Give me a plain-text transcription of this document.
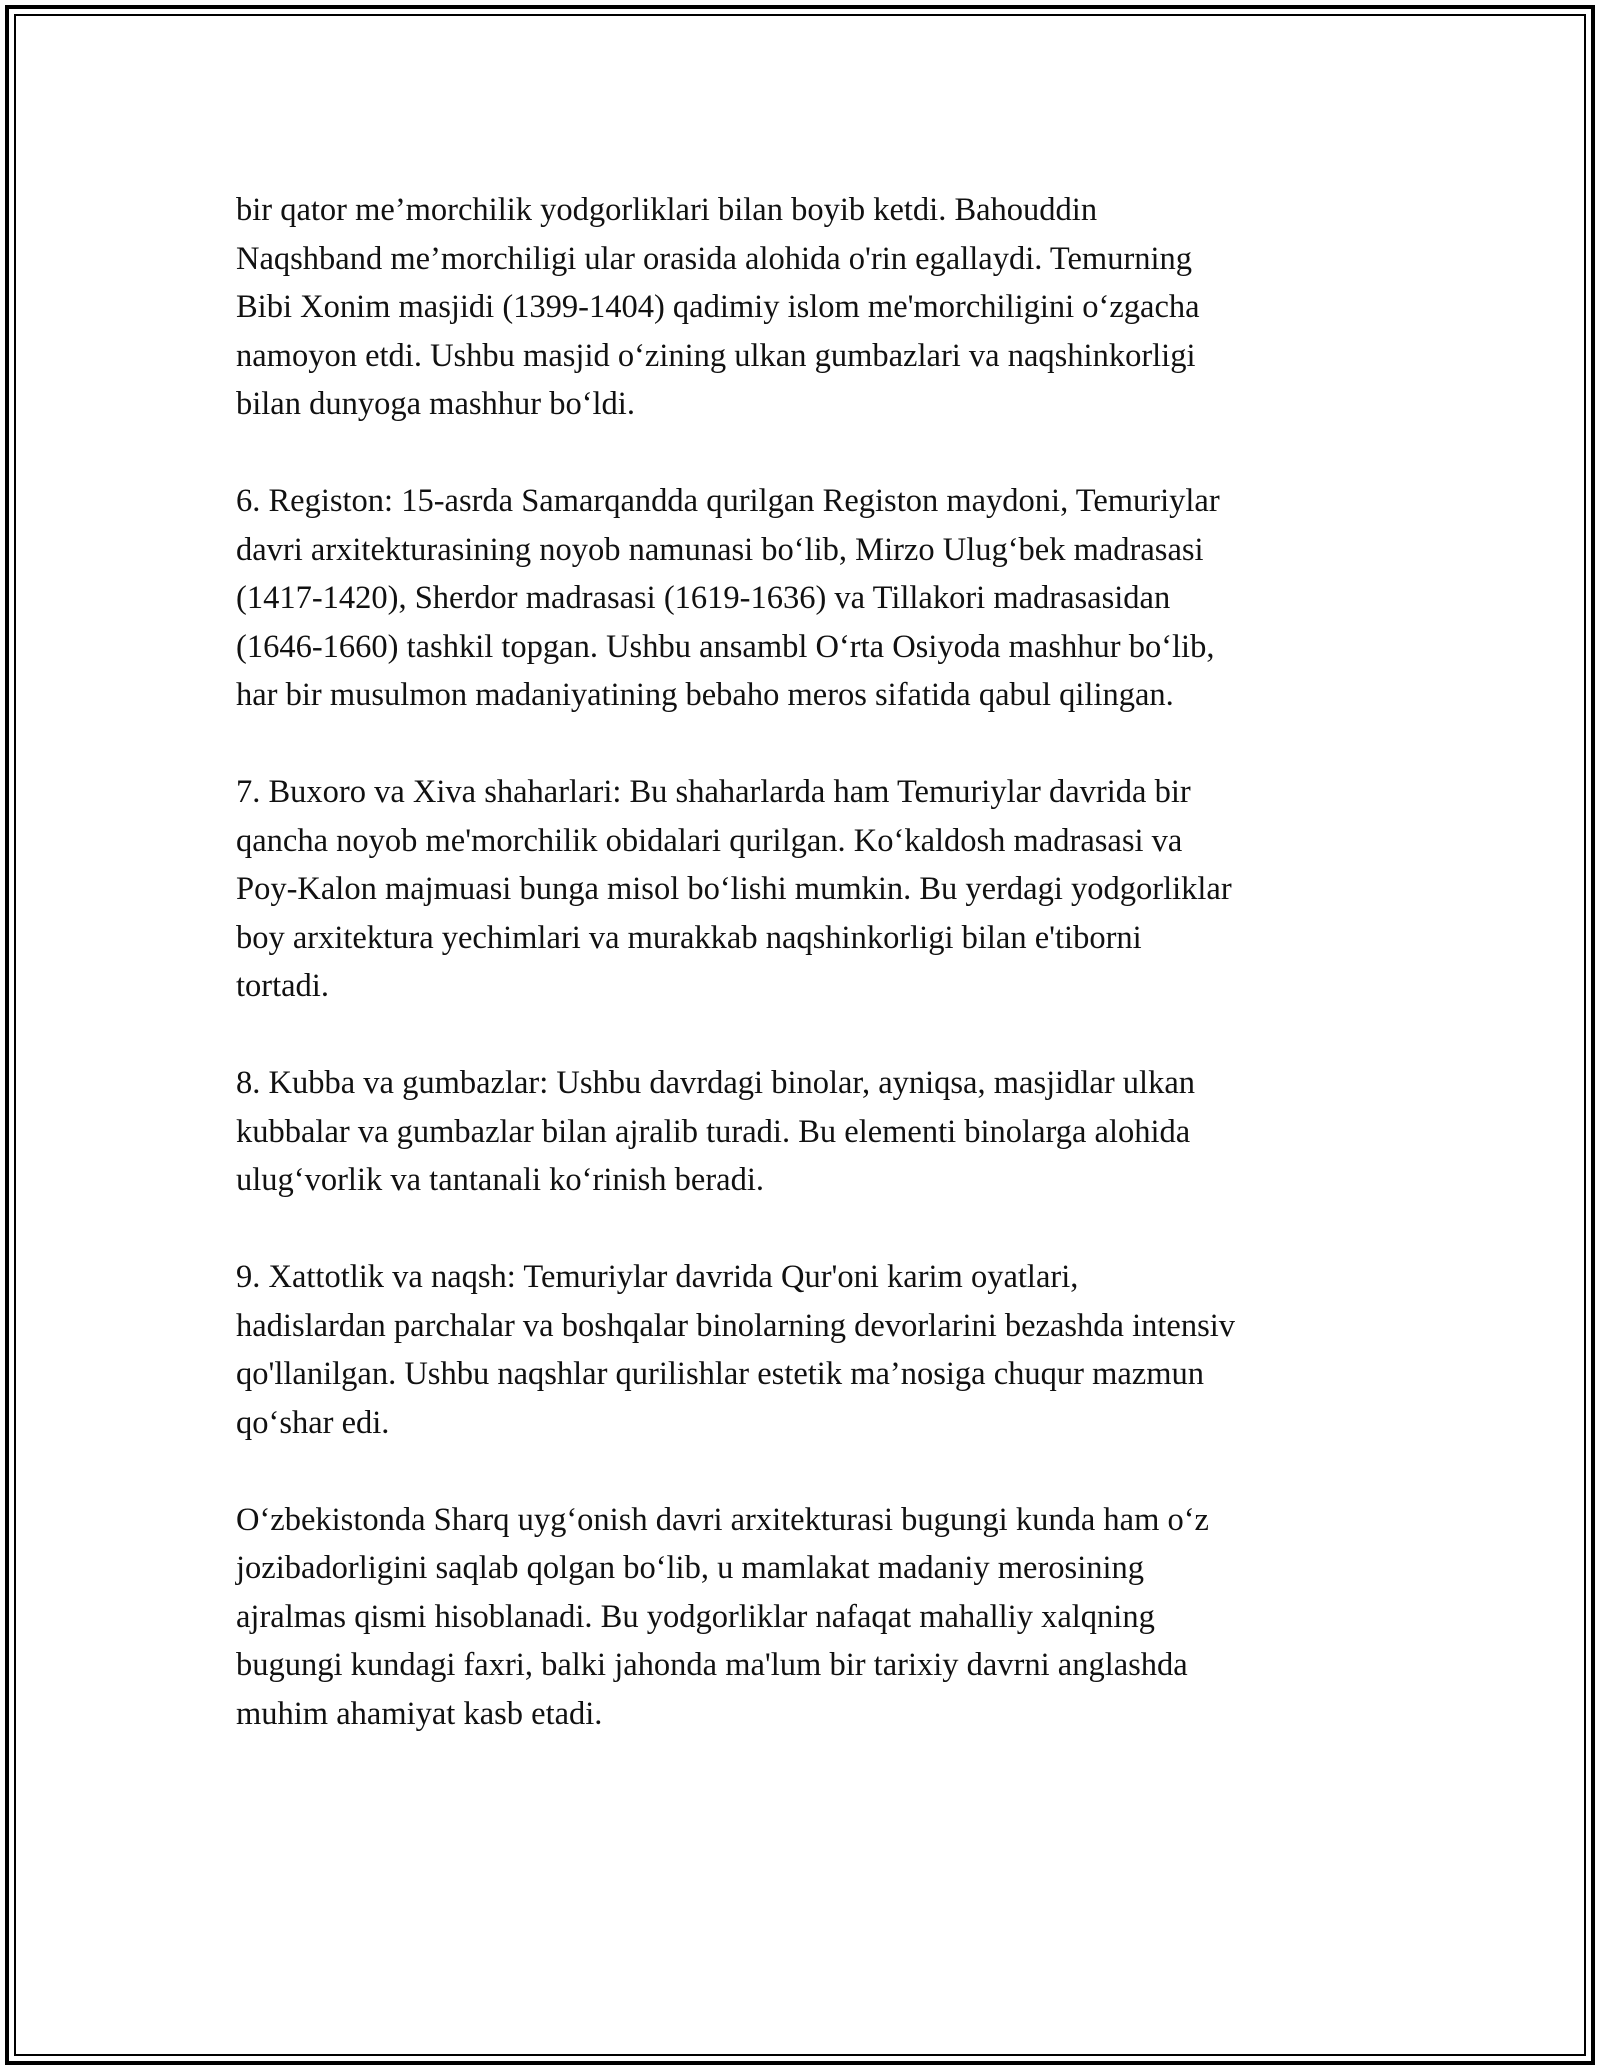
bir qator me’morchilik yodgorliklari bilan boyib ketdi. Bahouddin
Naqshband me’morchiligi ular orasida alohida o'rin egallaydi. Temurning
Bibi Xonim masjidi (1399-1404) qadimiy islom me'morchiligini o‘zgacha
namoyon etdi. Ushbu masjid o‘zining ulkan gumbazlari va naqshinkorligi
bilan dunyoga mashhur bo‘ldi.

6. Registon: 15-asrda Samarqandda qurilgan Registon maydoni, Temuriylar
davri arxitekturasining noyob namunasi bo‘lib, Mirzo Ulug‘bek madrasasi
(1417-1420), Sherdor madrasasi (1619-1636) va Tillakori madrasasidan
(1646-1660) tashkil topgan. Ushbu ansambl O‘rta Osiyoda mashhur bo‘lib,
har bir musulmon madaniyatining bebaho meros sifatida qabul qilingan.

7. Buxoro va Xiva shaharlari: Bu shaharlarda ham Temuriylar davrida bir
qancha noyob me'morchilik obidalari qurilgan. Ko‘kaldosh madrasasi va
Poy-Kalon majmuasi bunga misol bo‘lishi mumkin. Bu yerdagi yodgorliklar
boy arxitektura yechimlari va murakkab naqshinkorligi bilan e'tiborni
tortadi.

8. Kubba va gumbazlar: Ushbu davrdagi binolar, ayniqsa, masjidlar ulkan
kubbalar va gumbazlar bilan ajralib turadi. Bu elementi binolarga alohida
ulug‘vorlik va tantanali ko‘rinish beradi.

9. Xattotlik va naqsh: Temuriylar davrida Qur'oni karim oyatlari,
hadislardan parchalar va boshqalar binolarning devorlarini bezashda intensiv
qo'llanilgan. Ushbu naqshlar qurilishlar estetik ma’nosiga chuqur mazmun
qo‘shar edi.

O‘zbekistonda Sharq uyg‘onish davri arxitekturasi bugungi kunda ham o‘z
jozibadorligini saqlab qolgan bo‘lib, u mamlakat madaniy merosining
ajralmas qismi hisoblanadi. Bu yodgorliklar nafaqat mahalliy xalqning
bugungi kundagi faxri, balki jahonda ma'lum bir tarixiy davrni anglashda
muhim ahamiyat kasb etadi.
